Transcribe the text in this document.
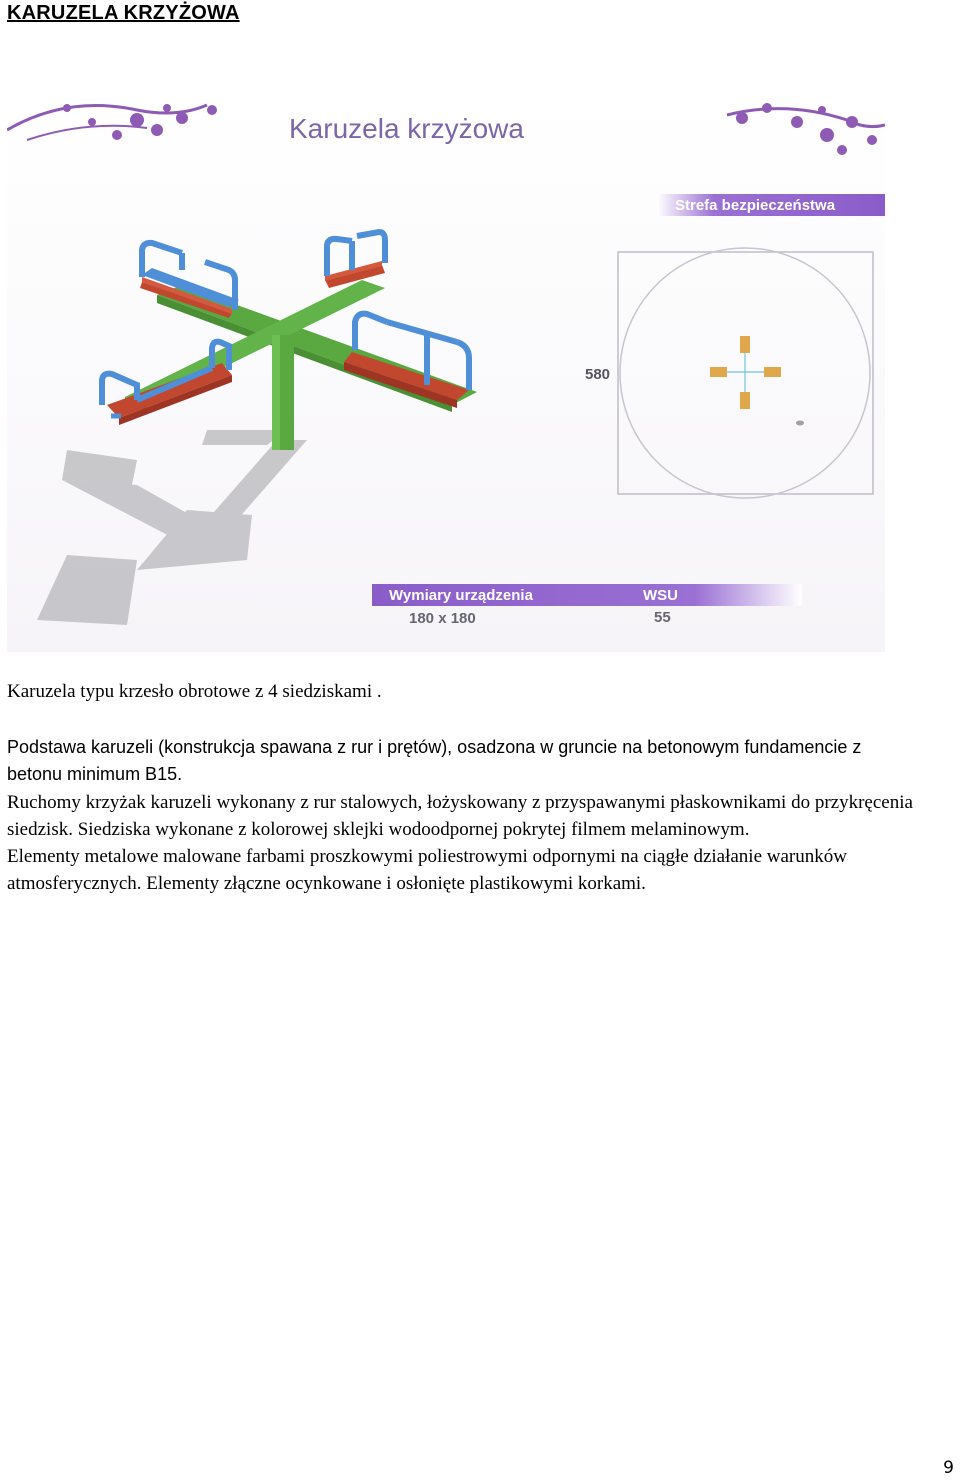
KARUZELA KRZYŻOWA
Karuzela krzyżowa
Strefa bezpieczeństwa
580
Wymiary urządzenia	WSU
180 x 180	55
Karuzela typu krzesło obrotowe z 4 siedziskami .

Podstawa karuzeli (konstrukcja spawana z rur i prętów), osadzona w gruncie na betonowym fundamencie z betonu minimum B15.

Ruchomy krzyżak karuzeli wykonany z rur stalowych, łożyskowany z przyspawanymi płaskownikami do przykręcenia siedzisk. Siedziska wykonane z kolorowej sklejki wodoodpornej pokrytej filmem melaminowym.

Elementy metalowe malowane farbami proszkowymi poliestrowymi odpornymi na ciągłe działanie warunków atmosferycznych. Elementy złączne ocynkowane i osłonięte plastikowymi korkami.

9
